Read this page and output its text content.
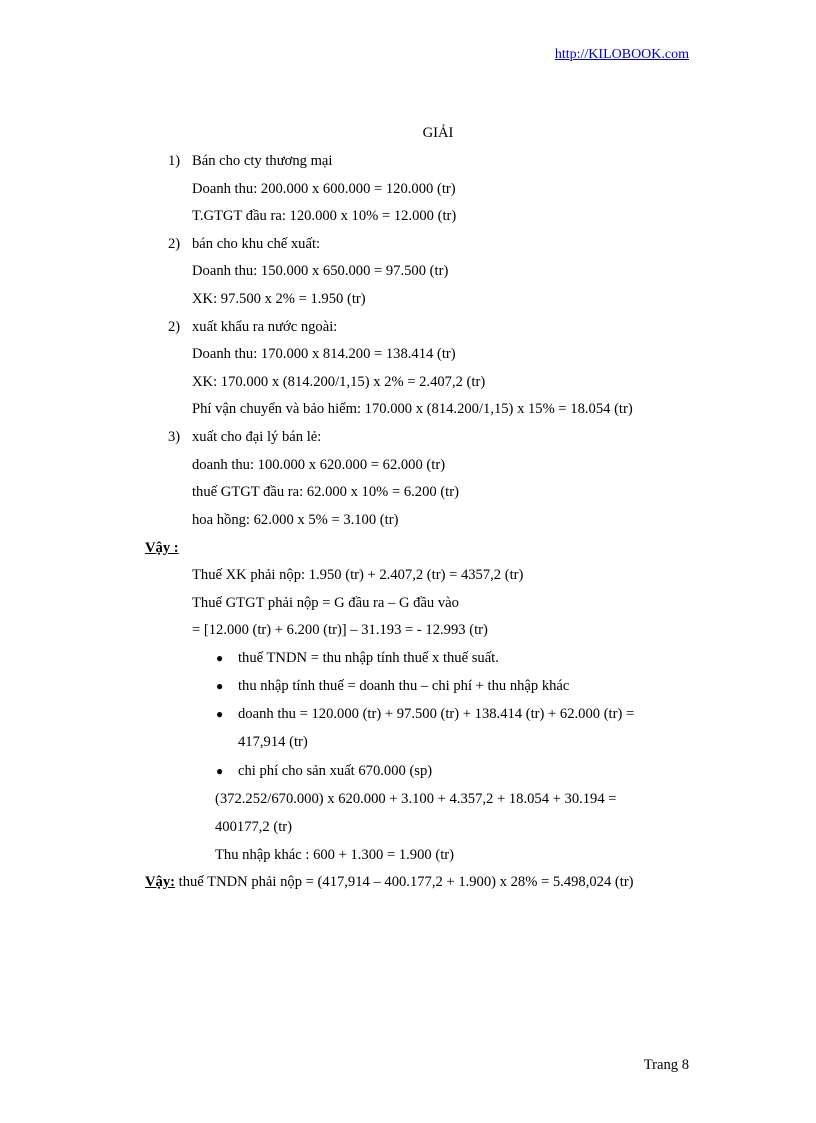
http://KILOBOOK.com
GIẢI
1) Bán cho cty thương mại
Doanh thu: 200.000 x 600.000 = 120.000 (tr)
T.GTGT đầu ra: 120.000 x 10% = 12.000 (tr)
2) bán cho khu chế xuất:
Doanh thu: 150.000 x 650.000 = 97.500 (tr)
XK: 97.500 x 2% = 1.950 (tr)
2) xuất khẩu ra nước ngoài:
Doanh thu: 170.000 x 814.200 = 138.414 (tr)
XK: 170.000 x (814.200/1,15) x 2% = 2.407,2 (tr)
Phí vận chuyển và bảo hiểm: 170.000 x (814.200/1,15) x 15% = 18.054 (tr)
3) xuất cho đại lý bán lẻ:
doanh thu: 100.000 x 620.000 = 62.000 (tr)
thuế GTGT đầu ra: 62.000 x 10% = 6.200 (tr)
hoa hồng: 62.000 x 5% = 3.100 (tr)
Vậy :
Thuế XK phải nộp: 1.950 (tr) + 2.407,2 (tr) = 4357,2 (tr)
Thuế GTGT phải nộp = G đầu ra – G đầu vào
= [12.000 (tr) + 6.200 (tr)] – 31.193 = - 12.993 (tr)
● thuế TNDN = thu nhập tính thuế x thuế suất.
● thu nhập tính thuế = doanh thu – chi phí + thu nhập khác
● doanh thu = 120.000 (tr) + 97.500 (tr) + 138.414 (tr) + 62.000 (tr) =
417,914 (tr)
● chi phí cho sản xuất 670.000 (sp)
(372.252/670.000) x 620.000 + 3.100 + 4.357,2 + 18.054 + 30.194 =
400177,2 (tr)
Thu nhập khác : 600 + 1.300 = 1.900 (tr)
Vậy: thuế TNDN phải nộp = (417,914 – 400.177,2 + 1.900) x 28% = 5.498,024 (tr)
Trang 8
